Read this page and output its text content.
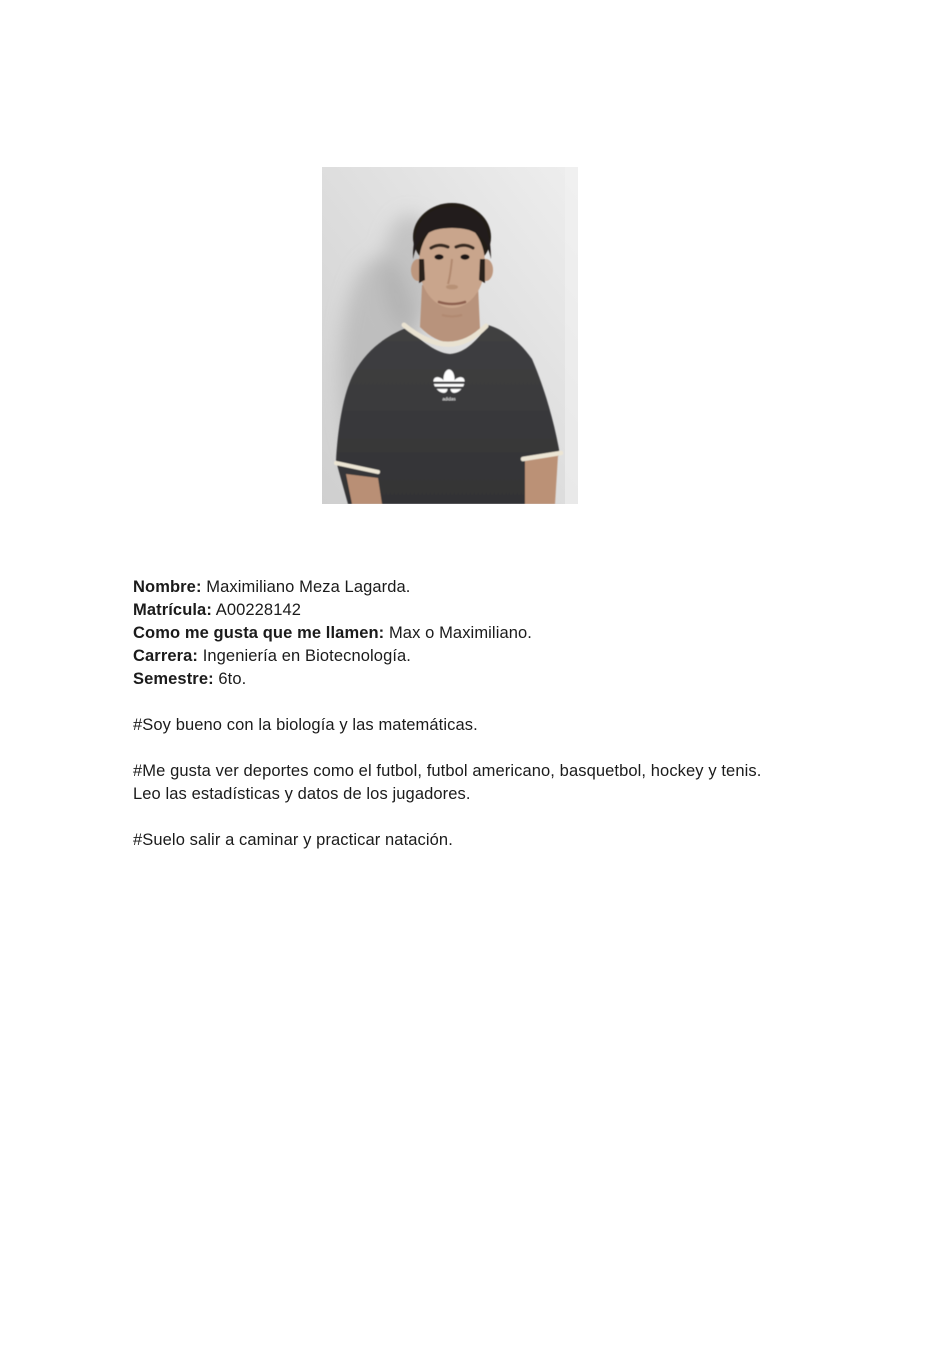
adidas
Nombre: Maximiliano Meza Lagarda.
Matrícula: A00228142
Como me gusta que me llamen: Max o Maximiliano.
Carrera: Ingeniería en Biotecnología.
Semestre: 6to.
#Soy bueno con la biología y las matemáticas.
#Me gusta ver deportes como el futbol, futbol americano, basquetbol, hockey y tenis.
Leo las estadísticas y datos de los jugadores.
#Suelo salir a caminar y practicar natación.
